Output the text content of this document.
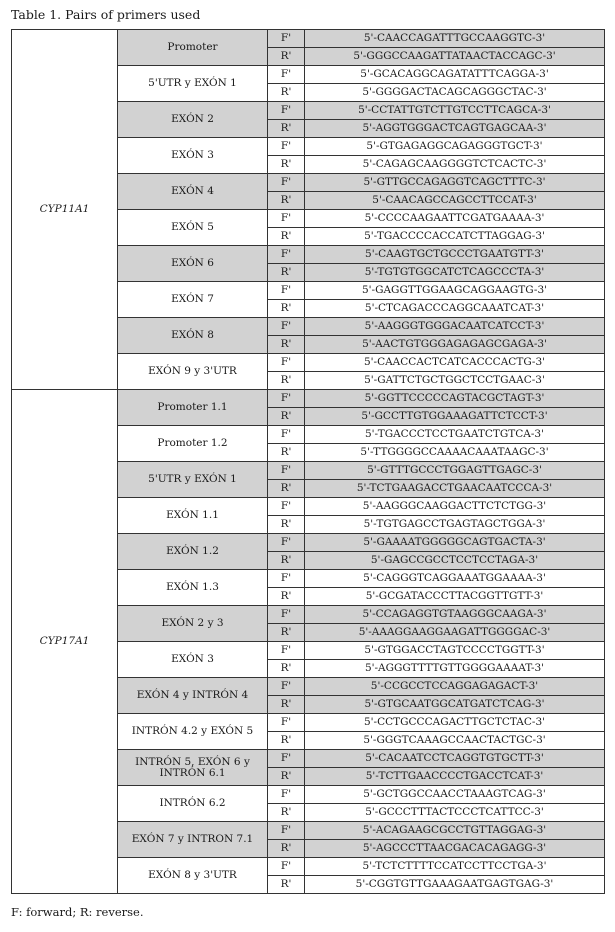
Table 1. Pairs of primers used
CYP11A1	Promoter	F'	5'-CAACCAGATTTGCCAAGGTC-3'
		R'	5'-GGGCCAAGATTATAACTACCAGC-3'
	5'UTR y EXÓN 1	F'	5'-GCACAGGCAGATATTTCAGGA-3'
		R'	5'-GGGGACTACAGCAGGGCTAC-3'
	EXÓN 2	F'	5'-CCTATTGTCTTGTCCTTCAGCA-3'
		R'	5'-AGGTGGGACTCAGTGAGCAA-3'
	EXÓN 3	F'	5'-GTGAGAGGCAGAGGGTGCT-3'
		R'	5'-CAGAGCAAGGGGTCTCACTC-3'
	EXÓN 4	F'	5'-GTTGCCAGAGGTCAGCTTTC-3'
		R'	5'-CAACAGCCAGCCTTCCAT-3'
	EXÓN 5	F'	5'-CCCCAAGAATTCGATGAAAA-3'
		R'	5'-TGACCCCACCATCTTAGGAG-3'
	EXÓN 6	F'	5'-CAAGTGCTGCCCTGAATGTT-3'
		R'	5'-TGTGTGGCATCTCAGCCCTA-3'
	EXÓN 7	F'	5'-GAGGTTGGAAGCAGGAAGTG-3'
		R'	5'-CTCAGACCCAGGCAAATCAT-3'
	EXÓN 8	F'	5'-AAGGGTGGGACAATCATCCT-3'
		R'	5'-AACTGTGGGAGAGAGCGAGA-3'
	EXÓN 9 y 3'UTR	F'	5'-CAACCACTCATCACCCACTG-3'
		R'	5'-GATTCTGCTGGCTCCTGAAC-3'
CYP17A1	Promoter 1.1	F'	5'-GGTTCCCCCAGTACGCTAGT-3'
		R'	5'-GCCTTGTGGAAAGATTCTCCT-3'
	Promoter 1.2	F'	5'-TGACCCTCCTGAATCTGTCA-3'
		R'	5'-TTGGGGCCAAAACAAATAAGC-3'
	5'UTR y EXÓN 1	F'	5'-GTTTGCCCTGGAGTTGAGC-3'
		R'	5'-TCTGAAGACCTGAACAATCCCA-3'
	EXÓN 1.1	F'	5'-AAGGGCAAGGACTTCTCTGG-3'
		R'	5'-TGTGAGCCTGAGTAGCTGGA-3'
	EXÓN 1.2	F'	5'-GAAAATGGGGGCAGTGACTA-3'
		R'	5'-GAGCCGCCTCCTCCTAGA-3'
	EXÓN 1.3	F'	5'-CAGGGTCAGGAAATGGAAAA-3'
		R'	5'-GCGATACCCTTACGGTTGTT-3'
	EXÓN 2 y 3	F'	5'-CCAGAGGTGTAAGGGCAAGA-3'
		R'	5'-AAAGGAAGGAAGATTGGGGAC-3'
	EXÓN 3	F'	5'-GTGGACCTAGTCCCCTGGTT-3'
		R'	5'-AGGGTTTTGTTGGGGAAAAT-3'
	EXÓN 4 y INTRÓN 4	F'	5'-CCGCCTCCAGGAGAGACT-3'
		R'	5'-GTGCAATGGCATGATCTCAG-3'
	INTRÓN 4.2 y EXÓN 5	F'	5'-CCTGCCCAGACTTGCTCTAC-3'
		R'	5'-GGGTCAAAGCCAACTACTGC-3'
	INTRÓN 5, EXÓN 6 y INTRÓN 6.1	F'	5'-CACAATCCTCAGGTGTGCTT-3'
		R'	5'-TCTTGAACCCCTGACCTCAT-3'
	INTRÓN 6.2	F'	5'-GCTGGCCAACCTAAAGTCAG-3'
		R'	5'-GCCCTTTACTCCCTCATTCC-3'
	EXÓN 7 y INTRON 7.1	F'	5'-ACAGAAGCGCCTGTTAGGAG-3'
		R'	5'-AGCCCTTAACGACACAGAGG-3'
	EXÓN 8 y 3'UTR	F'	5'-TCTCTTTTCCATCCTTCCTGA-3'
		R'	5'-CGGTGTTGAAAGAATGAGTGAG-3'
F: forward; R: reverse.
